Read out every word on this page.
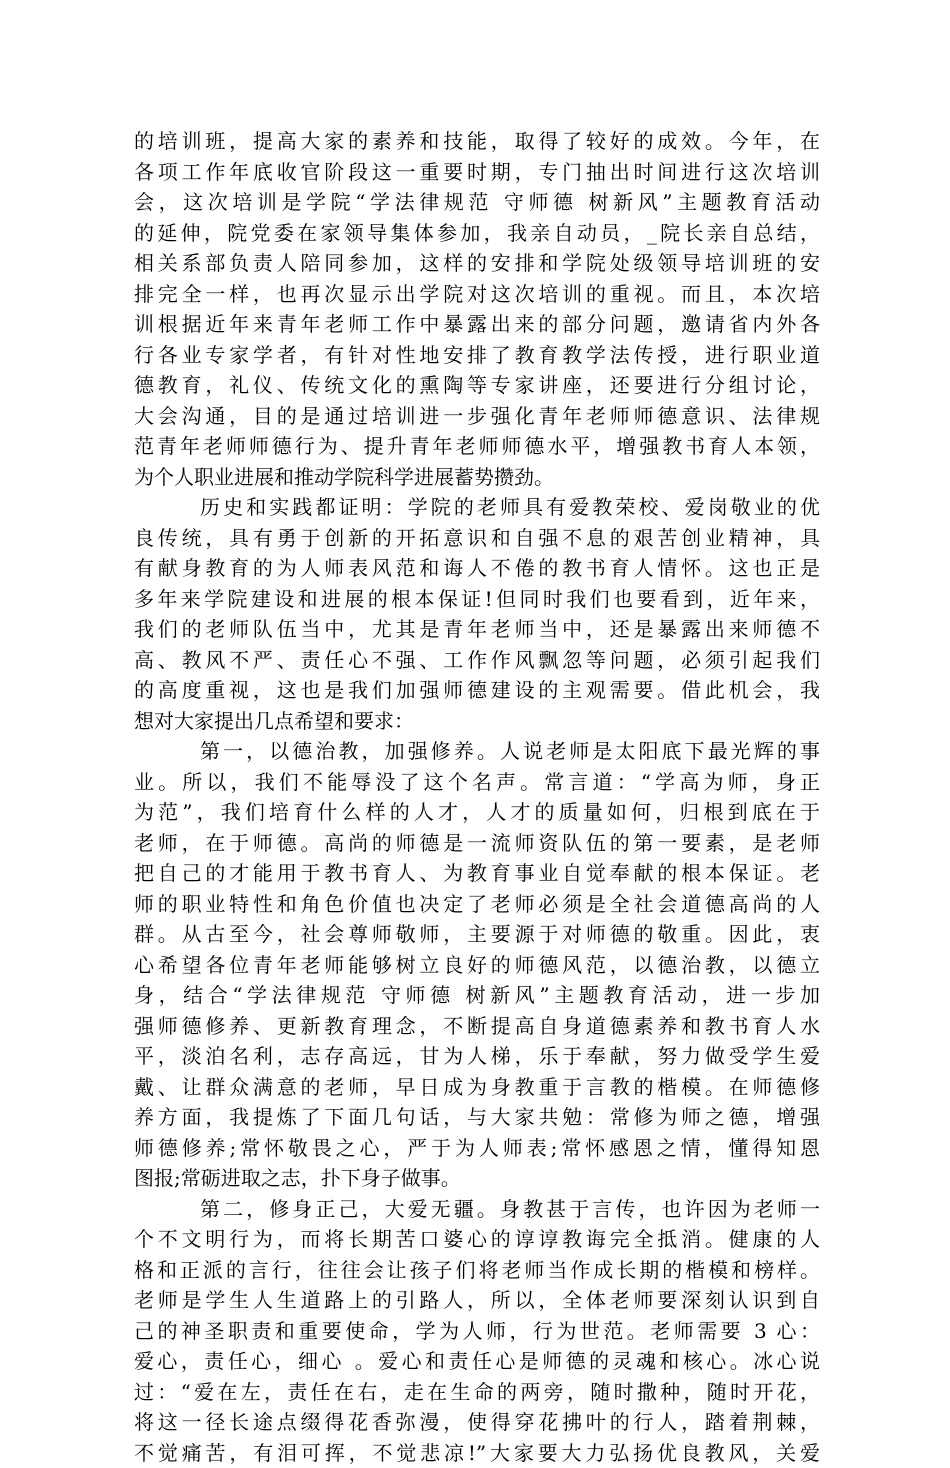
的培训班，提高大家的素养和技能，取得了较好的成效。今年，在
各项工作年底收官阶段这一重要时期，专门抽出时间进行这次培训
会，这次培训是学院“学法律规范 守师德 树新风”主题教育活动
的延伸，院党委在家领导集体参加，我亲自动员，_院长亲自总结，
相关系部负责人陪同参加，这样的安排和学院处级领导培训班的安
排完全一样，也再次显示出学院对这次培训的重视。而且，本次培
训根据近年来青年老师工作中暴露出来的部分问题，邀请省内外各
行各业专家学者，有针对性地安排了教育教学法传授，进行职业道
德教育，礼仪、传统文化的熏陶等专家讲座，还要进行分组讨论，
大会沟通，目的是通过培训进一步强化青年老师师德意识、法律规
范青年老师师德行为、提升青年老师师德水平，增强教书育人本领，
为个人职业进展和推动学院科学进展蓄势攒劲。
历史和实践都证明：学院的老师具有爱教荣校、爱岗敬业的优
良传统，具有勇于创新的开拓意识和自强不息的艰苦创业精神，具
有献身教育的为人师表风范和诲人不倦的教书育人情怀。这也正是
多年来学院建设和进展的根本保证!但同时我们也要看到，近年来，
我们的老师队伍当中，尤其是青年老师当中，还是暴露出来师德不
高、教风不严、责任心不强、工作作风飘忽等问题，必须引起我们
的高度重视，这也是我们加强师德建设的主观需要。借此机会，我
想对大家提出几点希望和要求：
第一，以德治教，加强修养。人说老师是太阳底下最光辉的事
业。所以，我们不能辱没了这个名声。常言道：“学高为师，身正
为范”，我们培育什么样的人才，人才的质量如何，归根到底在于
老师，在于师德。高尚的师德是一流师资队伍的第一要素，是老师
把自己的才能用于教书育人、为教育事业自觉奉献的根本保证。老
师的职业特性和角色价值也决定了老师必须是全社会道德高尚的人
群。从古至今，社会尊师敬师，主要源于对师德的敬重。因此，衷
心希望各位青年老师能够树立良好的师德风范，以德治教，以德立
身，结合“学法律规范 守师德 树新风”主题教育活动，进一步加
强师德修养、更新教育理念，不断提高自身道德素养和教书育人水
平，淡泊名利，志存高远，甘为人梯，乐于奉献，努力做受学生爱
戴、让群众满意的老师，早日成为身教重于言教的楷模。在师德修
养方面，我提炼了下面几句话，与大家共勉：常修为师之德，增强
师德修养;常怀敬畏之心，严于为人师表;常怀感恩之情，懂得知恩
图报;常砺进取之志，扑下身子做事。
第二，修身正己，大爱无疆。身教甚于言传，也许因为老师一
个不文明行为，而将长期苦口婆心的谆谆教诲完全抵消。健康的人
格和正派的言行，往往会让孩子们将老师当作成长期的楷模和榜样。
老师是学生人生道路上的引路人，所以，全体老师要深刻认识到自
己的神圣职责和重要使命，学为人师，行为世范。老师需要 3 心：
爱心，责任心，细心 。爱心和责任心是师德的灵魂和核心。冰心说
过：“爱在左，责任在右，走在生命的两旁，随时撒种，随时开花，
将这一径长途点缀得花香弥漫，使得穿花拂叶的行人，踏着荆棘，
不觉痛苦，有泪可挥，不觉悲凉!”大家要大力弘扬优良教风，关爱
